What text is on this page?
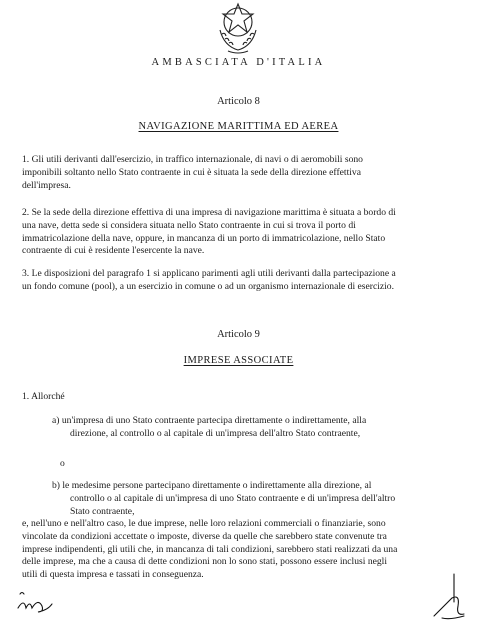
AMBASCIATA D'ITALIA
Articolo 8
NAVIGAZIONE MARITTIMA ED AEREA
1. Gli utili derivanti dall'esercizio, in traffico internazionale, di navi o di aeromobili sono
imponibili soltanto nello Stato contraente in cui è situata la sede della direzione effettiva
dell'impresa.
2. Se la sede della direzione effettiva di una impresa di navigazione marittima è situata a bordo di
una nave, detta sede si considera situata nello Stato contraente in cui si trova il porto di
immatricolazione della nave, oppure, in mancanza di un porto di immatricolazione, nello Stato
contraente di cui è residente l'esercente la nave.
3. Le disposizioni del paragrafo 1 si applicano parimenti agli utili derivanti dalla partecipazione a
un fondo comune (pool), a un esercizio in comune o ad un organismo internazionale di esercizio.
Articolo 9
IMPRESE ASSOCIATE
1. Allorché
a) un'impresa di uno Stato contraente partecipa direttamente o indirettamente, alla
direzione, al controllo o al capitale di un'impresa dell'altro Stato contraente,
o
b) le medesime persone partecipano direttamente o indirettamente alla direzione, al
controllo o al capitale di un'impresa di uno Stato contraente e di un'impresa dell'altro
Stato contraente,
e, nell'uno e nell'altro caso, le due imprese, nelle loro relazioni commerciali o finanziarie, sono
vincolate da condizioni accettate o imposte, diverse da quelle che sarebbero state convenute tra
imprese indipendenti, gli utili che, in mancanza di tali condizioni, sarebbero stati realizzati da una
delle imprese, ma che a causa di dette condizioni non lo sono stati, possono essere inclusi negli
utili di questa impresa e tassati in conseguenza.
